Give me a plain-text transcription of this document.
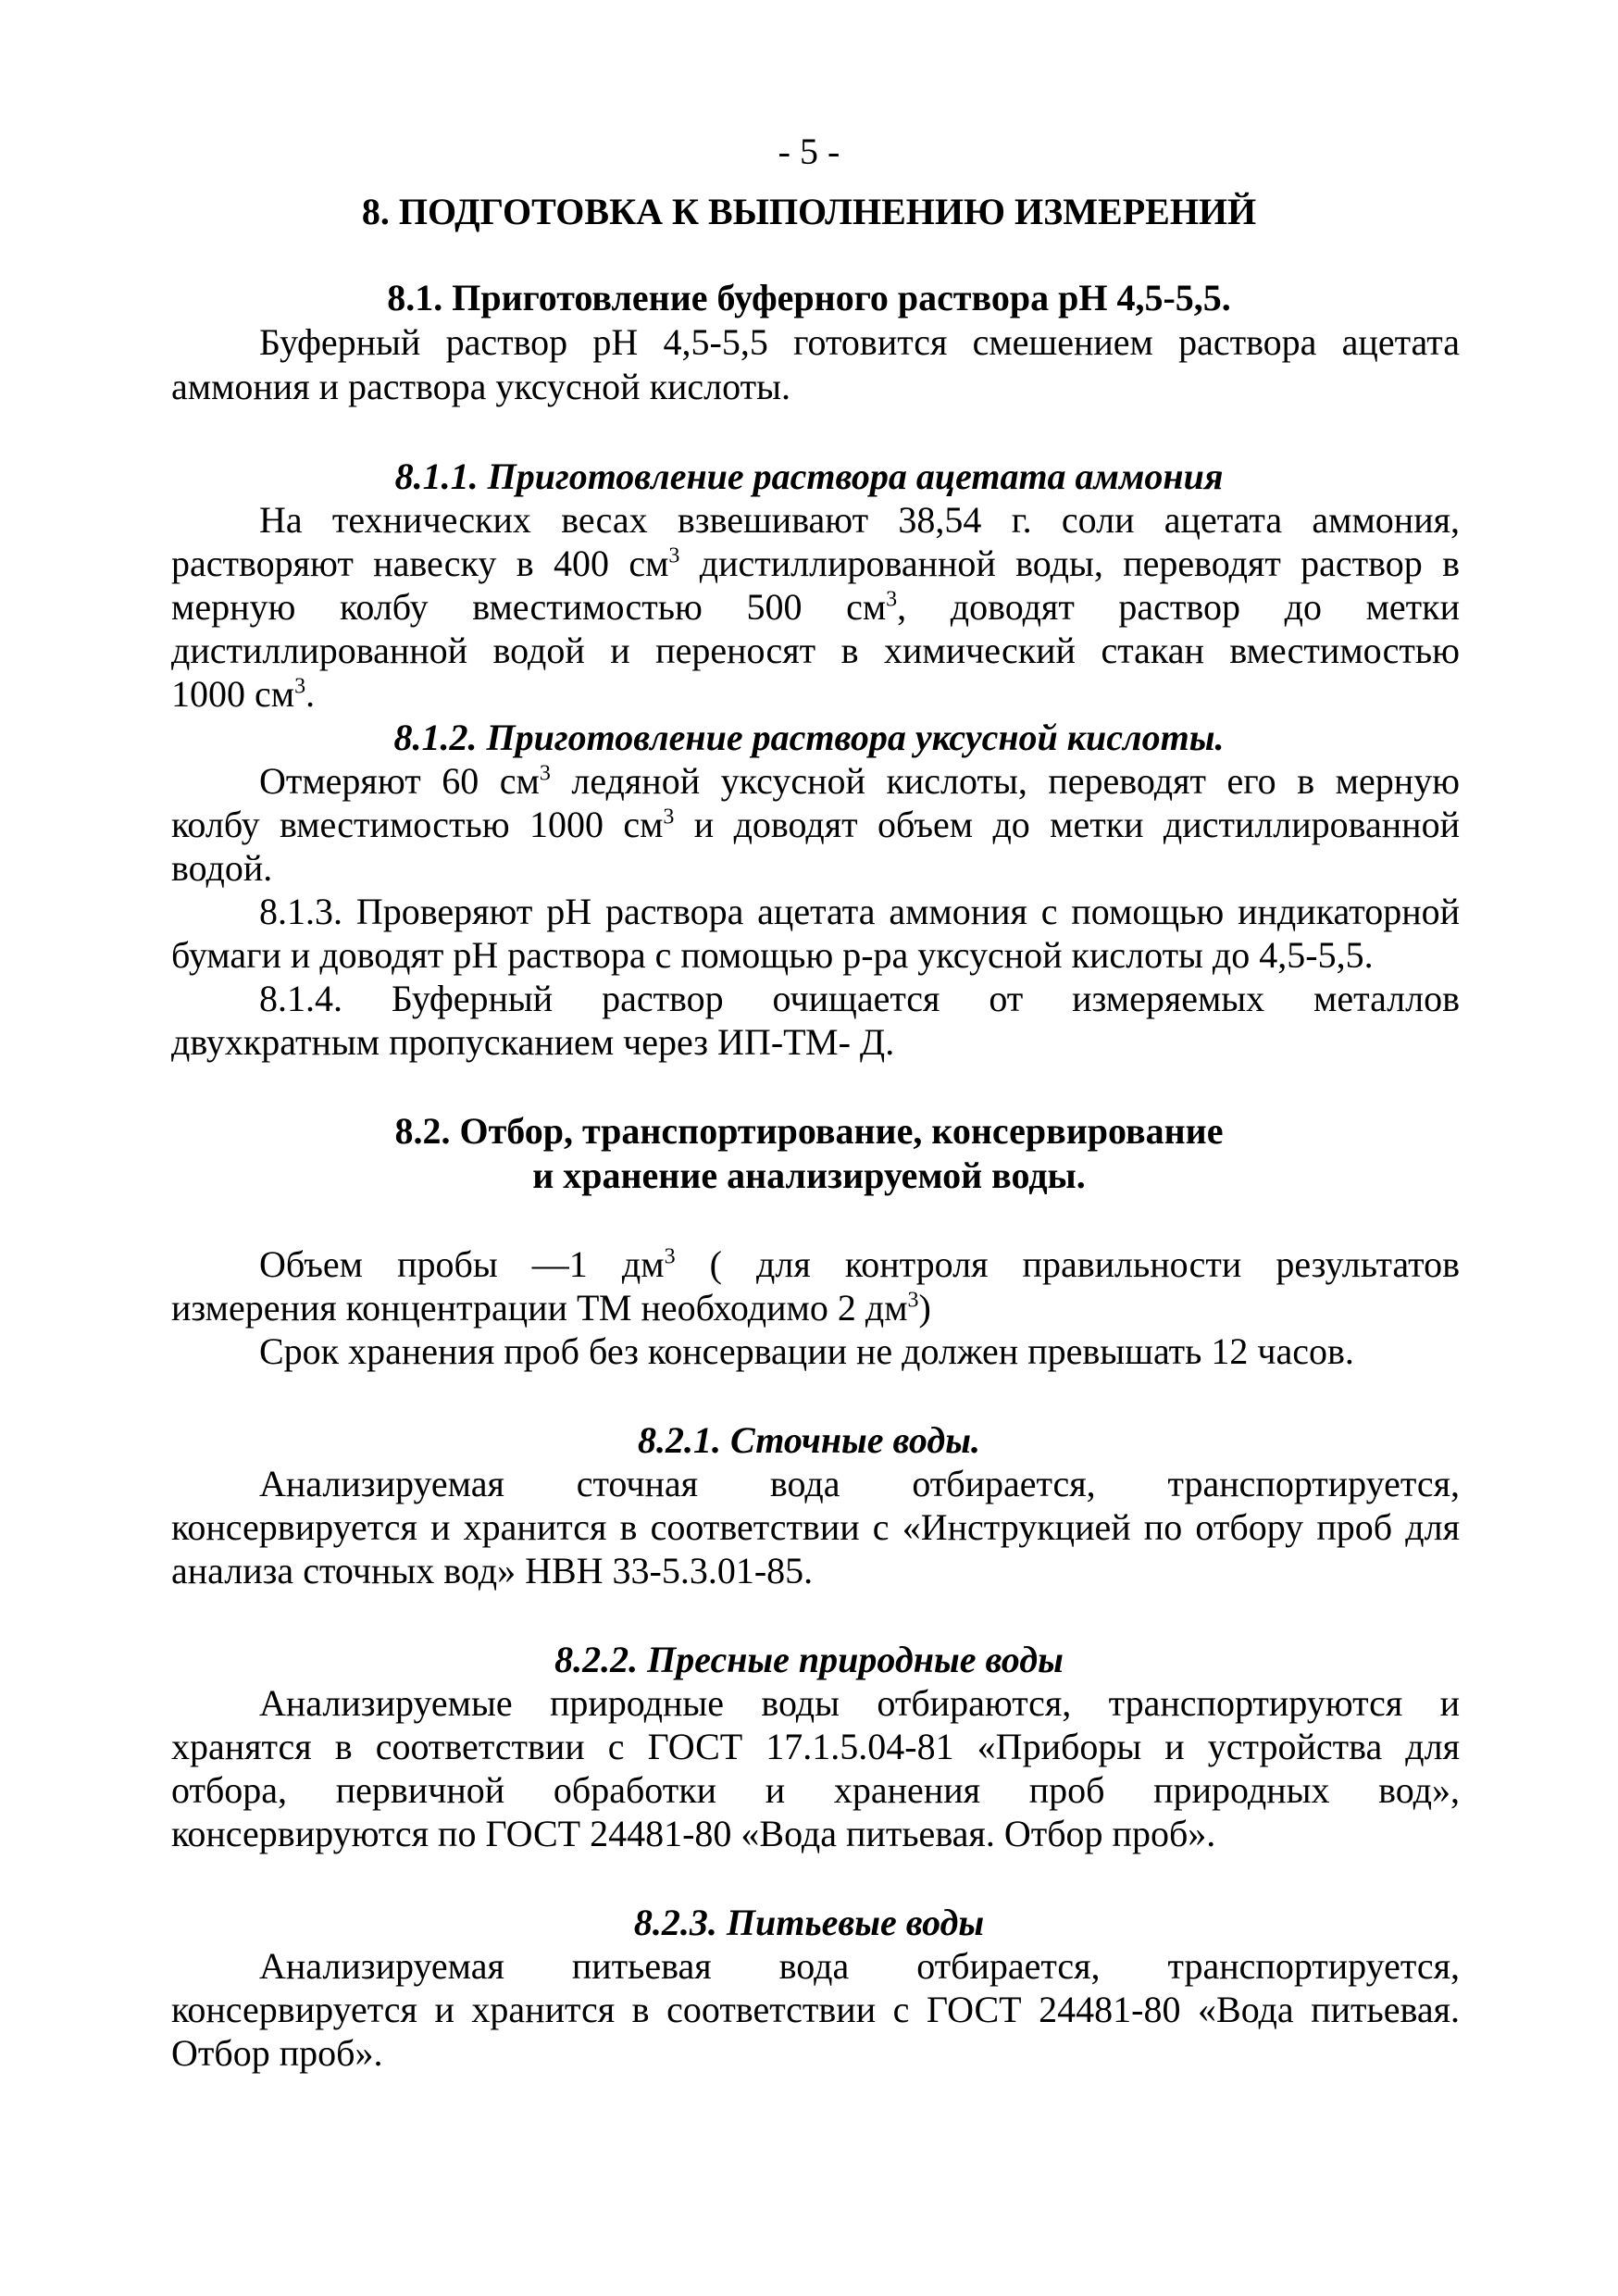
- 5 -
8. ПОДГОТОВКА К ВЫПОЛНЕНИЮ ИЗМЕРЕНИЙ
8.1. Приготовление буферного раствора рН 4,5-5,5.
Буферный раствор рН 4,5-5,5 готовится смешением раствора ацетата
аммония и раствора уксусной кислоты.
8.1.1. Приготовление раствора ацетата аммония
На технических весах взвешивают 38,54 г. соли ацетата аммония,
растворяют навеску в 400 $см^3$ дистиллированной воды, переводят раствор в
мерную колбу вместимостью 500 $см^3$, доводят раствор до метки
дистиллированной водой и переносят в химический стакан вместимостью
1000 $см^3$.
8.1.2. Приготовление раствора уксусной кислоты.
Отмеряют 60 $см^3$ ледяной уксусной кислоты, переводят его в мерную
колбу вместимостью 1000 $см^3$ и доводят объем до метки дистиллированной
водой.
8.1.3. Проверяют рН раствора ацетата аммония с помощью индикаторной
бумаги и доводят рН раствора с помощью р-ра уксусной кислоты до 4,5-5,5.
8.1.4. Буферный раствор очищается от измеряемых металлов
двухкратным пропусканием через ИП-ТМ- Д.
8.2. Отбор, транспортирование, консервирование
и хранение анализируемой воды.
Объем пробы —1 $дм^3$ ( для контроля правильности результатов
измерения концентрации ТМ необходимо 2 $дм^3$)
Срок хранения проб без консервации не должен превышать 12 часов.
8.2.1. Сточные воды.
Анализируемая сточная вода отбирается, транспортируется,
консервируется и хранится в соответствии с «Инструкцией по отбору проб для
анализа сточных вод» НВН 33-5.3.01-85.
8.2.2. Пресные природные воды
Анализируемые природные воды отбираются, транспортируются и
хранятся в соответствии с ГОСТ 17.1.5.04-81 «Приборы и устройства для
отбора, первичной обработки и хранения проб природных вод»,
консервируются по ГОСТ 24481-80 «Вода питьевая. Отбор проб».
8.2.3. Питьевые воды
Анализируемая питьевая вода отбирается, транспортируется,
консервируется и хранится в соответствии с ГОСТ 24481-80 «Вода питьевая.
Отбор проб».
